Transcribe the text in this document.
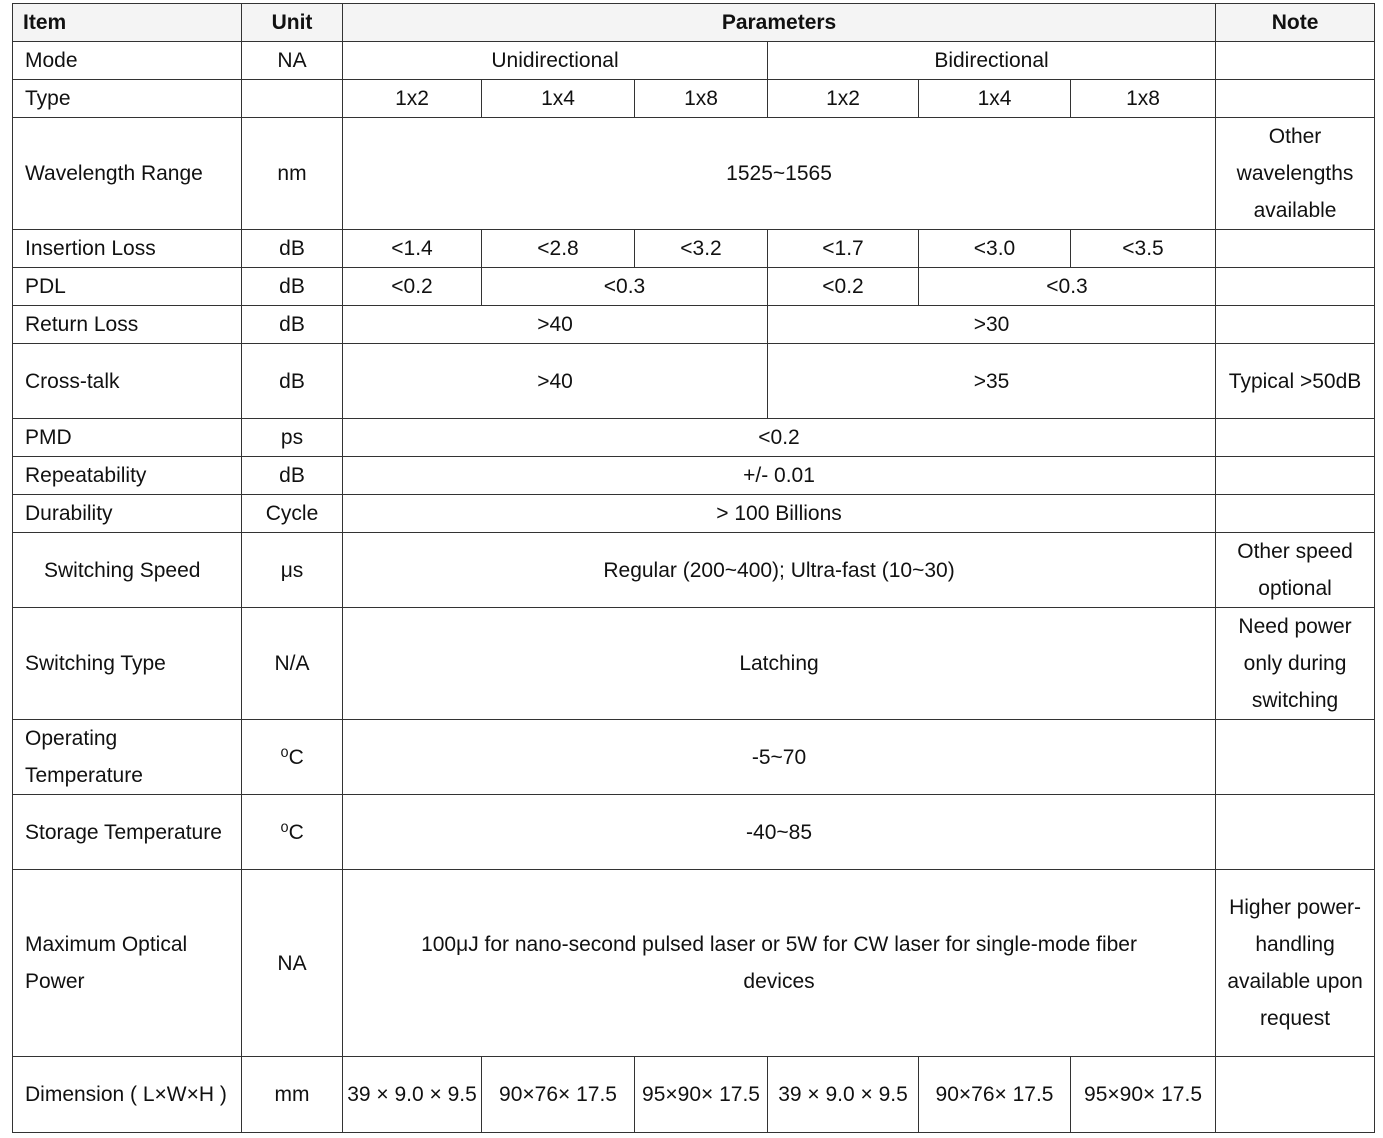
Item	Unit	Parameters						Note
Mode	NA	Unidirectional			Bidirectional			
Type		1x2	1x4	1x8	1x2	1x4	1x8	
Wavelength Range	nm	1525~1565						Other wavelengths available
Insertion Loss	dB	<1.4	<2.8	<3.2	<1.7	<3.0	<3.5	
PDL	dB	<0.2	<0.3		<0.2	<0.3		
Return Loss	dB	>40			>30			
Cross-talk	dB	>40			>35			Typical >50dB
PMD	ps	<0.2						
Repeatability	dB	+/- 0.01						
Durability	Cycle	> 100 Billions						
Switching Speed	μs	Regular (200~400); Ultra-fast (10~30)						Other speed optional
Switching Type	N/A	Latching						Need power only during switching
Operating Temperature	⁰C	-5~70						
Storage Temperature	⁰C	-40~85						
Maximum Optical Power	NA	100μJ for nano-second pulsed laser or 5W for CW laser for single-mode fiber devices						Higher power-handling available upon request
Dimension ( L×W×H )	mm	39 × 9.0 × 9.5	90×76× 17.5	95×90× 17.5	39 × 9.0 × 9.5	90×76× 17.5	95×90× 17.5	
